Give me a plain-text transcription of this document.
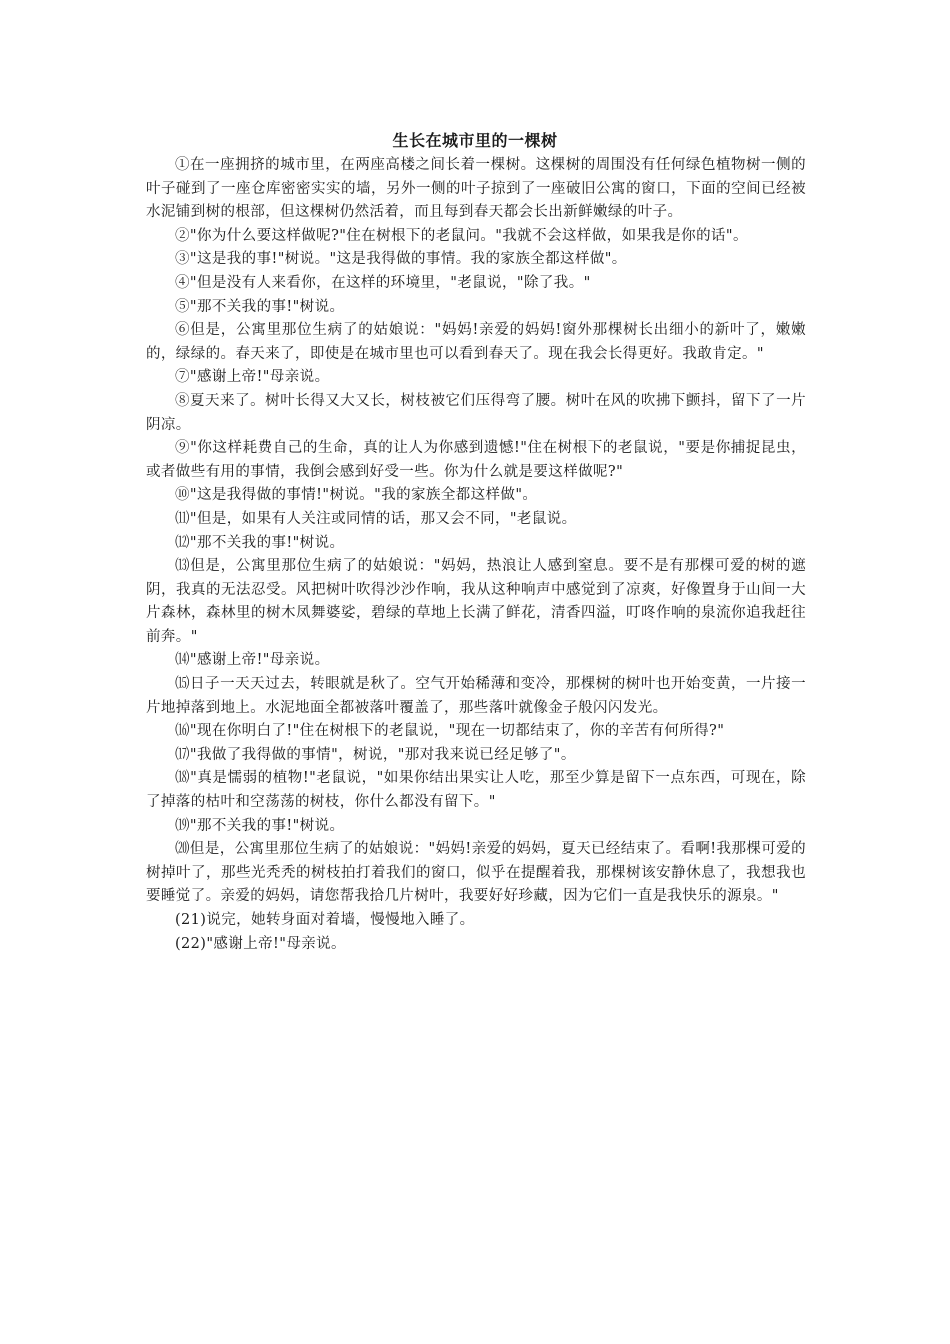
生长在城市里的一棵树

①在一座拥挤的城市里，在两座高楼之间长着一棵树。这棵树的周围没有任何绿色植物树一侧的叶子碰到了一座仓库密密实实的墙，另外一侧的叶子掠到了一座破旧公寓的窗口，下面的空间已经被水泥铺到树的根部，但这棵树仍然活着，而且每到春天都会长出新鲜嫩绿的叶子。

②"你为什么要这样做呢?"住在树根下的老鼠问。"我就不会这样做，如果我是你的话"。

③"这是我的事!"树说。"这是我得做的事情。我的家族全都这样做"。

④"但是没有人来看你，在这样的环境里，"老鼠说，"除了我。"

⑤"那不关我的事!"树说。

⑥但是，公寓里那位生病了的姑娘说："妈妈!亲爱的妈妈!窗外那棵树长出细小的新叶了，嫩嫩的，绿绿的。春天来了，即使是在城市里也可以看到春天了。现在我会长得更好。我敢肯定。"

⑦"感谢上帝!"母亲说。

⑧夏天来了。树叶长得又大又长，树枝被它们压得弯了腰。树叶在风的吹拂下颤抖，留下了一片阴凉。

⑨"你这样耗费自己的生命，真的让人为你感到遗憾!"住在树根下的老鼠说，"要是你捕捉昆虫，或者做些有用的事情，我倒会感到好受一些。你为什么就是要这样做呢?"

⑩"这是我得做的事情!"树说。"我的家族全都这样做"。

⑾"但是，如果有人关注或同情的话，那又会不同，"老鼠说。

⑿"那不关我的事!"树说。

⒀但是，公寓里那位生病了的姑娘说："妈妈，热浪让人感到窒息。要不是有那棵可爱的树的遮阴，我真的无法忍受。风把树叶吹得沙沙作响，我从这种响声中感觉到了凉爽，好像置身于山间一大片森林，森林里的树木凤舞婆娑，碧绿的草地上长满了鲜花，清香四溢，叮咚作响的泉流你追我赶往前奔。"

⒁"感谢上帝!"母亲说。

⒂日子一天天过去，转眼就是秋了。空气开始稀薄和变冷，那棵树的树叶也开始变黄，一片接一片地掉落到地上。水泥地面全都被落叶覆盖了，那些落叶就像金子般闪闪发光。

⒃"现在你明白了!"住在树根下的老鼠说，"现在一切都结束了，你的辛苦有何所得?"

⒄"我做了我得做的事情"，树说，"那对我来说已经足够了"。

⒅"真是懦弱的植物!"老鼠说，"如果你结出果实让人吃，那至少算是留下一点东西，可现在，除了掉落的枯叶和空荡荡的树枝，你什么都没有留下。"

⒆"那不关我的事!"树说。

⒇但是，公寓里那位生病了的姑娘说："妈妈!亲爱的妈妈，夏天已经结束了。看啊!我那棵可爱的树掉叶了，那些光秃秃的树枝拍打着我们的窗口，似乎在提醒着我，那棵树该安静休息了，我想我也要睡觉了。亲爱的妈妈，请您帮我拾几片树叶，我要好好珍藏，因为它们一直是我快乐的源泉。"

(21)说完，她转身面对着墙，慢慢地入睡了。

(22)"感谢上帝!"母亲说。
